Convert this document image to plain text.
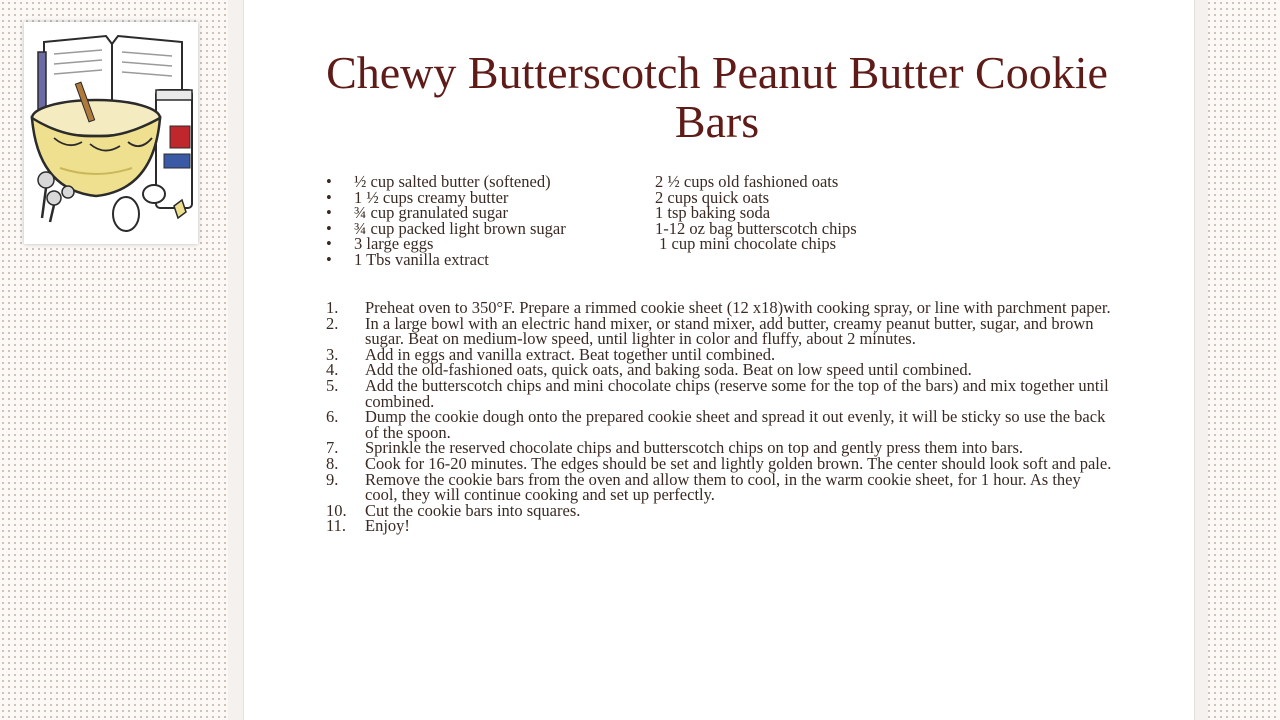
Chewy Butterscotch Peanut Butter Cookie Bars
•	½ cup salted butter (softened)	2 ½ cups old fashioned oats
•	1 ½ cups creamy butter	2 cups quick oats
•	¾ cup granulated sugar	1 tsp baking soda
•	¾ cup packed light brown sugar	1-12 oz bag butterscotch chips
•	3 large eggs	1 cup mini chocolate chips
•	1 Tbs vanilla extract
1.	Preheat oven to 350°F. Prepare a rimmed cookie sheet (12 x18)with cooking spray, or line with parchment paper.
2.	In a large bowl with an electric hand mixer, or stand mixer, add butter, creamy peanut butter, sugar, and brown sugar. Beat on medium-low speed, until lighter in color and fluffy, about 2 minutes.
3.	Add in eggs and vanilla extract. Beat together until combined.
4.	Add the old-fashioned oats, quick oats, and baking soda. Beat on low speed until combined.
5.	Add the butterscotch chips and mini chocolate chips (reserve some for the top of the bars) and mix together until combined.
6.	Dump the cookie dough onto the prepared cookie sheet and spread it out evenly, it will be sticky so use the back of the spoon.
7.	Sprinkle the reserved chocolate chips and butterscotch chips on top and gently press them into bars.
8.	Cook for 16-20 minutes. The edges should be set and lightly golden brown. The center should look soft and pale.
9.	Remove the cookie bars from the oven and allow them to cool, in the warm cookie sheet, for 1 hour. As they cool, they will continue cooking and set up perfectly.
10.	Cut the cookie bars into squares.
11.	Enjoy!
